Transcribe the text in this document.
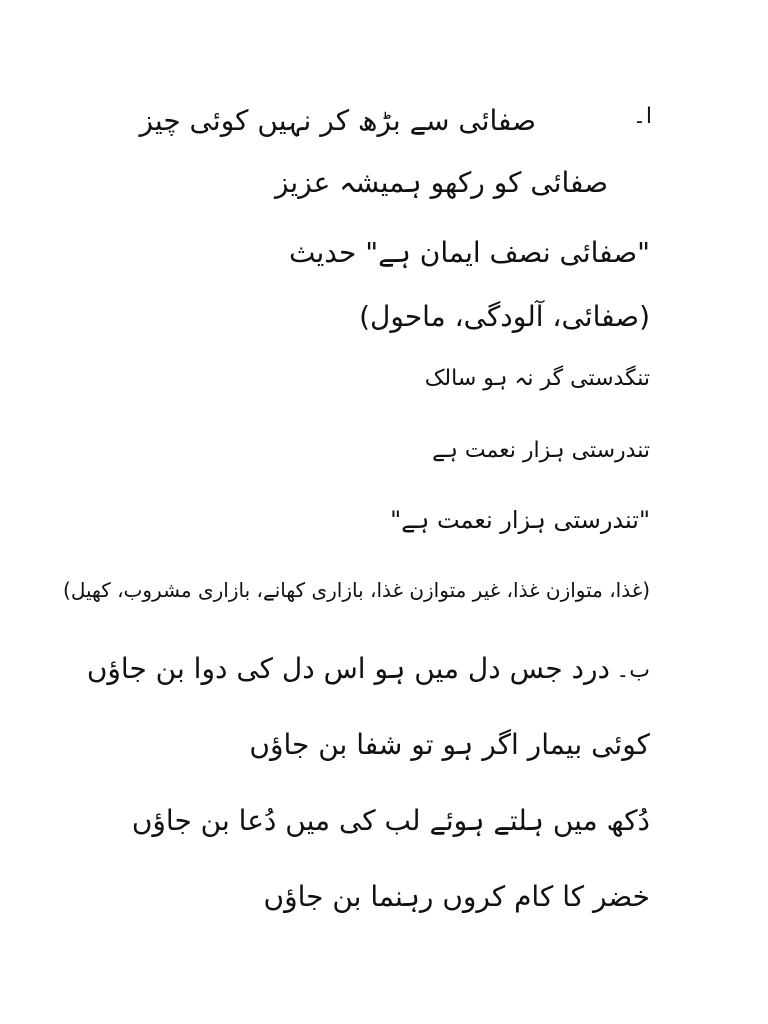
ا۔
صفائی سے بڑھ کر نہیں کوئی چیز
صفائی کو رکھو ہمیشہ عزیز
"صفائی نصف ایمان ہے" حدیث
(صفائی، آلودگی، ماحول)
تنگدستی گر نہ ہو سالک
تندرستی ہزار نعمت ہے
"تندرستی ہزار نعمت ہے"
(غذا، متوازن غذا، غیر متوازن غذا، بازاری کھانے، بازاری مشروب، کھیل)
ب۔
درد جس دل میں ہو اس دل کی دوا بن جاؤں
کوئی بیمار اگر ہو تو شفا بن جاؤں
دُکھ میں ہلتے ہوئے لب کی میں دُعا بن جاؤں
خضر کا کام کروں رہنما بن جاؤں
